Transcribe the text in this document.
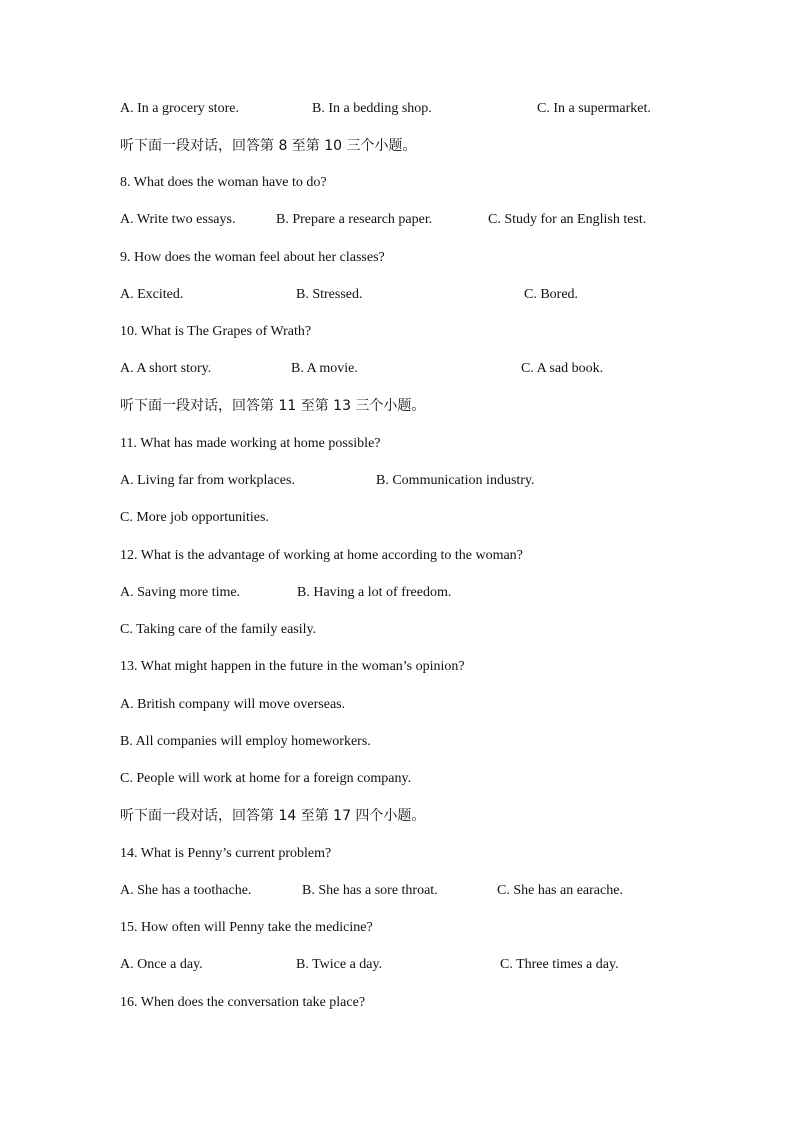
A. In a grocery store.	B. In a bedding shop.	C. In a supermarket.
听下面一段对话，回答第 8 至第 10 三个小题。
8. What does the woman have to do?
A. Write two essays.	B. Prepare a research paper.	C. Study for an English test.
9. How does the woman feel about her classes?
A. Excited.	B. Stressed.	C. Bored.
10. What is The Grapes of Wrath?
A. A short story.	B. A movie.	C. A sad book.
听下面一段对话，回答第 11 至第 13 三个小题。
11. What has made working at home possible?
A. Living far from workplaces.	B. Communication industry.
C. More job opportunities.
12. What is the advantage of working at home according to the woman?
A. Saving more time.	B. Having a lot of freedom.
C. Taking care of the family easily.
13. What might happen in the future in the woman’s opinion?
A. British company will move overseas.
B. All companies will employ homeworkers.
C. People will work at home for a foreign company.
听下面一段对话，回答第 14 至第 17 四个小题。
14. What is Penny’s current problem?
A. She has a toothache.	B. She has a sore throat.	C. She has an earache.
15. How often will Penny take the medicine?
A. Once a day.	B. Twice a day.	C. Three times a day.
16. When does the conversation take place?
